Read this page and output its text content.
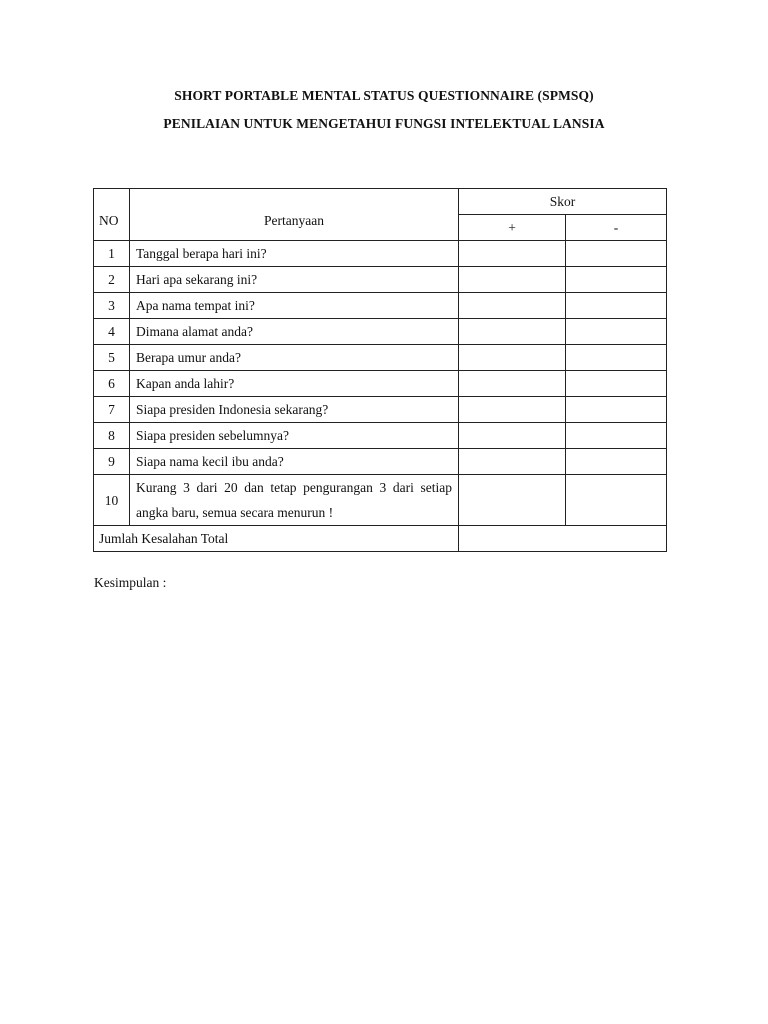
SHORT PORTABLE MENTAL STATUS QUESTIONNAIRE (SPMSQ)
PENILAIAN UNTUK MENGETAHUI FUNGSI INTELEKTUAL LANSIA
NO	Pertanyaan	Skor	
		+	-
1	Tanggal berapa hari ini?		
2	Hari apa sekarang ini?		
3	Apa nama tempat ini?		
4	Dimana alamat anda?		
5	Berapa umur anda?		
6	Kapan anda lahir?		
7	Siapa presiden Indonesia sekarang?		
8	Siapa presiden sebelumnya?		
9	Siapa nama kecil ibu anda?		
10	Kurang 3 dari 20 dan tetap pengurangan 3 dari setiap angka baru, semua secara menurun !		
Jumlah Kesalahan Total			
Kesimpulan :
